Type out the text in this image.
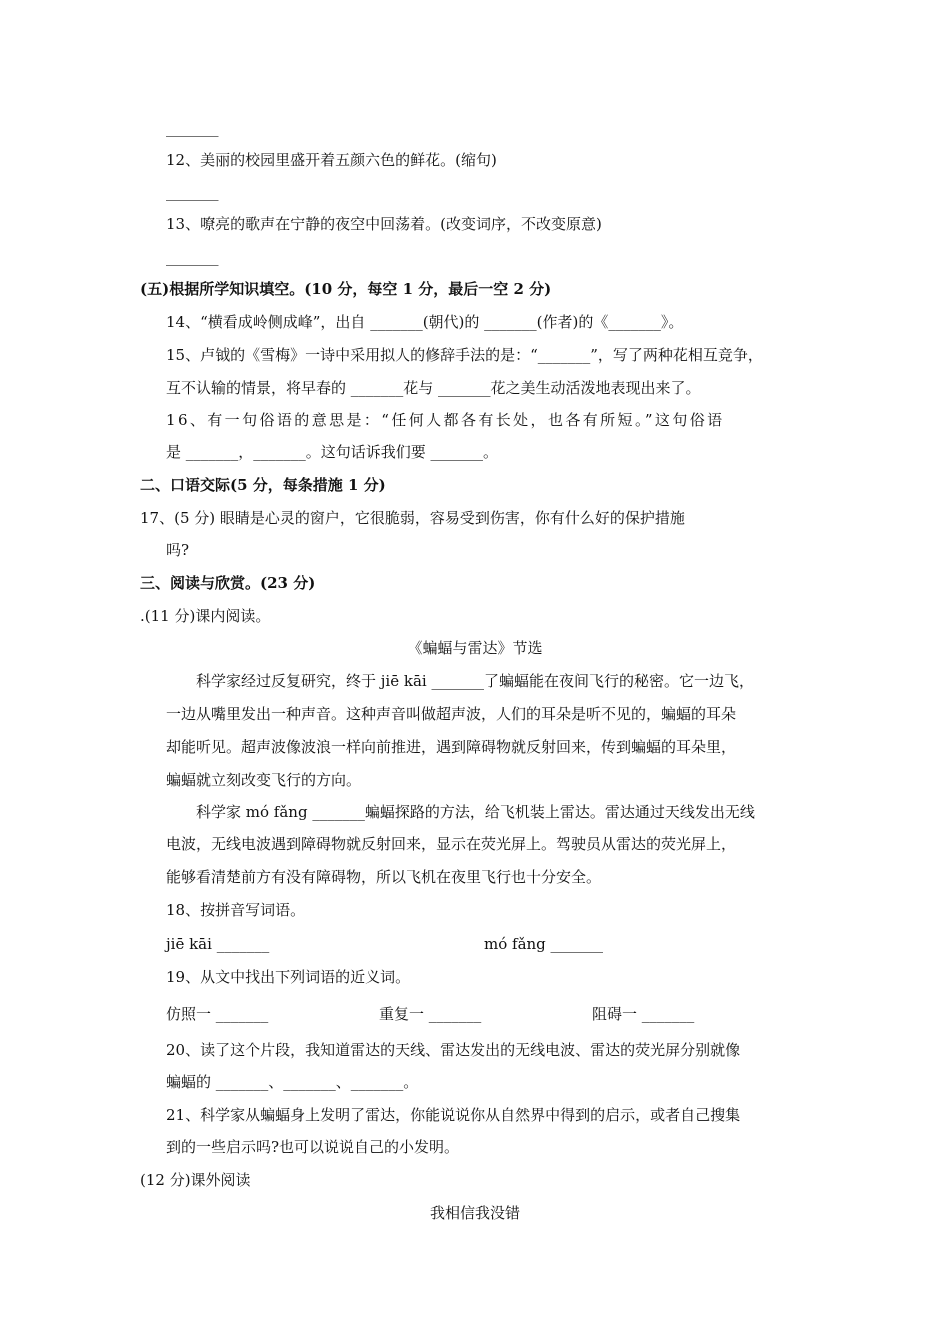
_______
12、美丽的校园里盛开着五颜六色的鲜花。(缩句)
_______
13、嘹亮的歌声在宁静的夜空中回荡着。(改变词序，不改变原意)
_______
(五)根据所学知识填空。(10 分，每空 1 分，最后一空 2 分)
14、“横看成岭侧成峰”，出自 _______(朝代)的 _______(作者)的《_______》。
15、卢钺的《雪梅》一诗中采用拟人的修辞手法的是：“_______”，写了两种花相互竞争，
互不认输的情景，将早春的 _______花与 _______花之美生动活泼地表现出来了。
16、有一句俗语的意思是：“任何人都各有长处，也各有所短。”这句俗语
是 _______，_______。这句话诉我们要 _______。
二、口语交际(5 分，每条措施 1 分)
17、(5 分) 眼睛是心灵的窗户，它很脆弱，容易受到伤害，你有什么好的保护措施
吗?
三、阅读与欣赏。(23 分)
.(11 分)课内阅读。
《蝙蝠与雷达》节选
科学家经过反复研究，终于 jiē kāi _______了蝙蝠能在夜间飞行的秘密。它一边飞，
一边从嘴里发出一种声音。这种声音叫做超声波，人们的耳朵是听不见的，蝙蝠的耳朵
却能听见。超声波像波浪一样向前推进，遇到障碍物就反射回来，传到蝙蝠的耳朵里，
蝙蝠就立刻改变飞行的方向。
科学家 mó fǎng _______蝙蝠探路的方法，给飞机装上雷达。雷达通过天线发出无线
电波，无线电波遇到障碍物就反射回来，显示在荧光屏上。驾驶员从雷达的荧光屏上，
能够看清楚前方有没有障碍物，所以飞机在夜里飞行也十分安全。
18、按拼音写词语。
jiē kāi _______	mó fǎng _______
19、从文中找出下列词语的近义词。
仿照一 _______	重复一 _______	阻碍一 _______
20、读了这个片段，我知道雷达的天线、雷达发出的无线电波、雷达的荧光屏分别就像
蝙蝠的 _______、_______、_______。
21、科学家从蝙蝠身上发明了雷达，你能说说你从自然界中得到的启示，或者自己搜集
到的一些启示吗?也可以说说自己的小发明。
(12 分)课外阅读
我相信我没错
